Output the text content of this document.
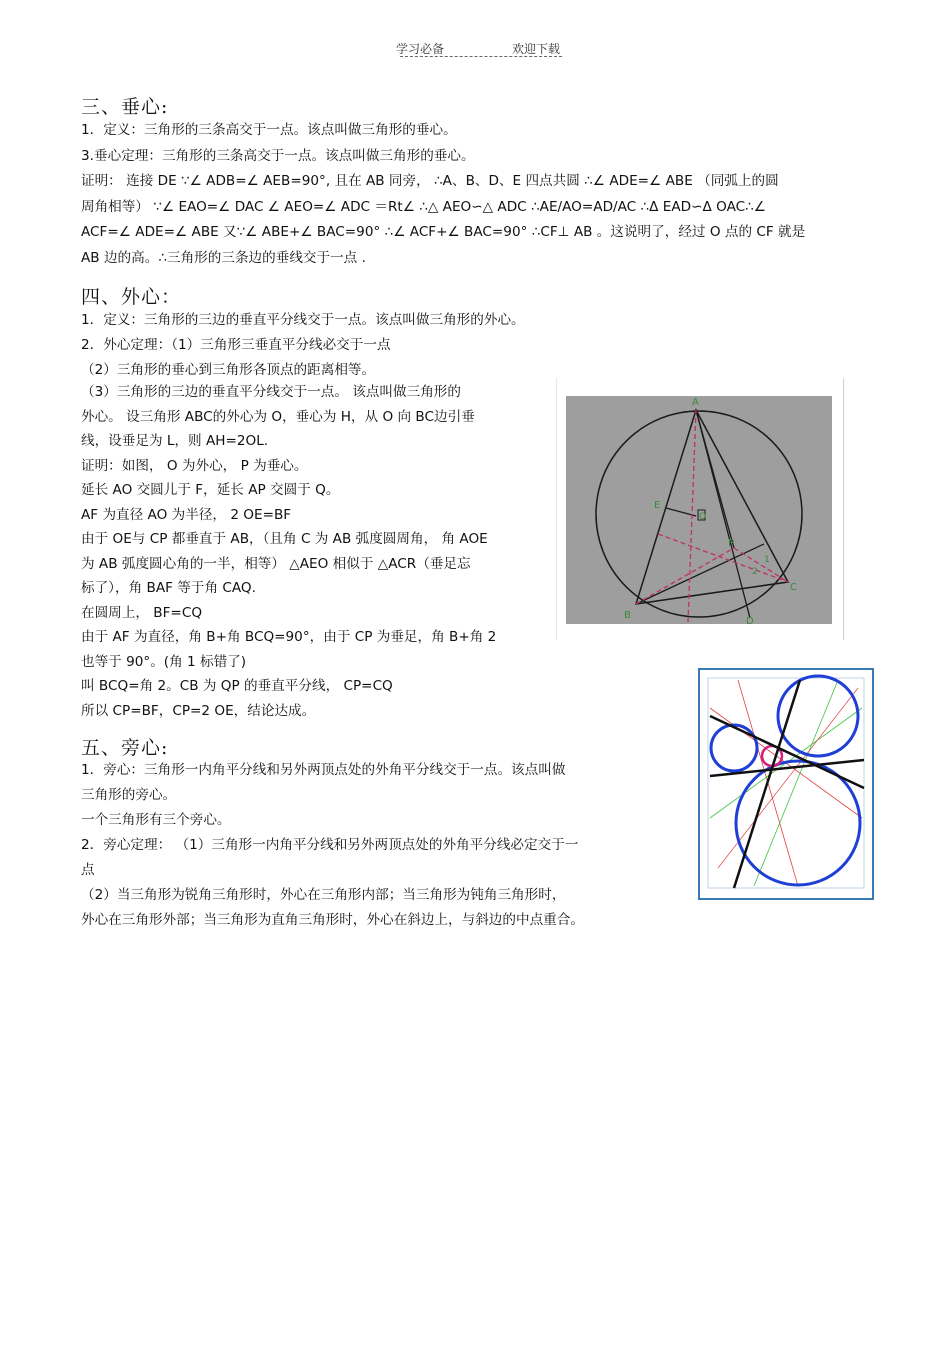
学习必备	欢迎下载
三、垂心:
1．定义：三角形的三条高交于一点。该点叫做三角形的垂心。
3.垂心定理：三角形的三条高交于一点。该点叫做三角形的垂心。
证明： 连接 DE ∵∠ ADB=∠ AEB=90°, 且在 AB 同旁， ∴A、B、D、E 四点共圆 ∴∠ ADE=∠ ABE （同弧上的圆
周角相等） ∵∠ EAO=∠ DAC ∠ AEO=∠ ADC ＝Rt∠ ∴△ AEO∽△ ADC ∴AE/AO=AD/AC ∴Δ EAD∽Δ OAC∴∠
ACF=∠ ADE=∠ ABE 又∵∠ ABE+∠ BAC=90° ∴∠ ACF+∠ BAC=90° ∴CF⊥ AB 。这说明了，经过 O 点的 CF 就是
AB 边的高。∴三角形的三条边的垂线交于一点 .
四、外心：
1．定义：三角形的三边的垂直平分线交于一点。该点叫做三角形的外心。
2．外心定理：（1）三角形三垂直平分线必交于一点
（2）三角形的垂心到三角形各顶点的距离相等。
（3）三角形的三边的垂直平分线交于一点。 该点叫做三角形的
外心。 设三角形 ABC的外心为 O，垂心为 H，从 O 向 BC边引垂
线，设垂足为 L，则 AH=2OL.
证明：如图， O 为外心， P 为垂心。
延长 AO 交圆儿于 F，延长 AP 交圆于 Q。
AF 为直径 AO 为半径， 2 OE=BF
由于 OE与 CP 都垂直于 AB，（且角 C 为 AB 弧度圆周角， 角 AOE
为 AB 弧度圆心角的一半，相等） △AEO 相似于 △ACR（垂足忘
标了），角 BAF 等于角 CAQ.
在圆周上， BF=CQ
由于 AF 为直径，角 B+角 BCQ=90°，由于 CP 为垂足，角 B+角 2
也等于 90°。(角 1 标错了)
叫 BCQ=角 2。CB 为 QP 的垂直平分线， CP=CQ
所以 CP=BF，CP=2 OE，结论达成。
A
B
C
D
E
O
P
1
2
五、旁心:
1．旁心：三角形一内角平分线和另外两顶点处的外角平分线交于一点。该点叫做
三角形的旁心。
一个三角形有三个旁心。
2．旁心定理： （1）三角形一内角平分线和另外两顶点处的外角平分线必定交于一
点
（2）当三角形为锐角三角形时，外心在三角形内部；当三角形为钝角三角形时，
外心在三角形外部；当三角形为直角三角形时，外心在斜边上，与斜边的中点重合。
